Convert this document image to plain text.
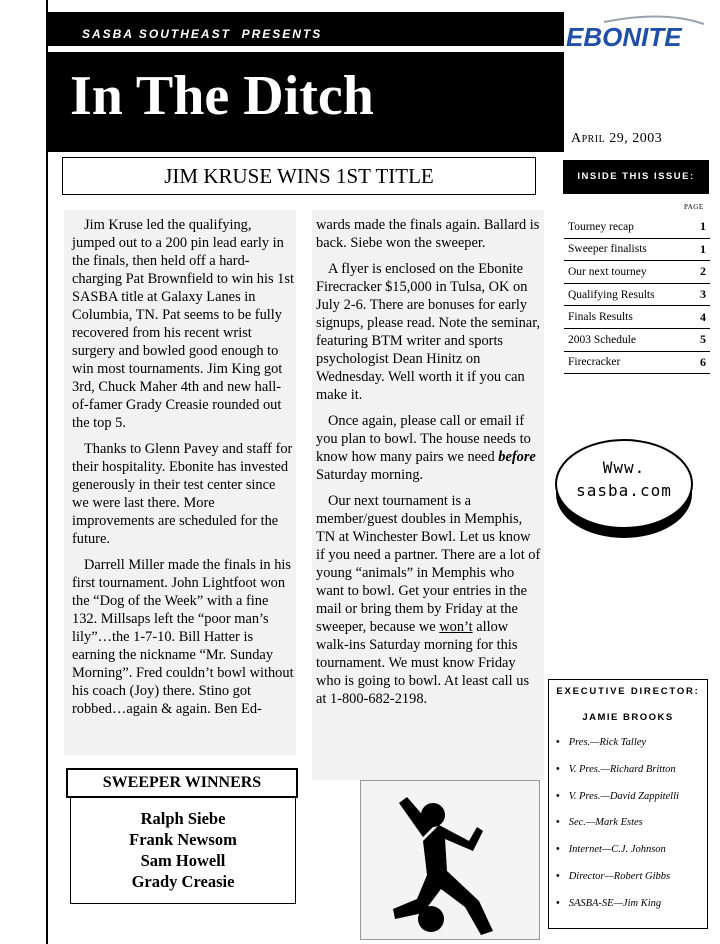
SASBA SOUTHEAST  PRESENTS	EBONITE
In The Ditch
APRIL 29, 2003
JIM KRUSE WINS 1ST TITLE	INSIDE THIS ISSUE:
PAGE
Tourney recap	1
Sweeper finalists	1
Our next tourney	2
Qualifying Results	3
Finals Results	4
2003 Schedule	5
Firecracker	6

Jim Kruse led the qualifying, jumped out to a 200 pin lead early in the finals, then held off a hard-charging Pat Brownfield to win his 1st SASBA title at Galaxy Lanes in Columbia, TN. Pat seems to be fully recovered from his recent wrist surgery and bowled good enough to win most tournaments. Jim King got 3rd, Chuck Maher 4th and new hall-of-famer Grady Creasie rounded out the top 5.

Thanks to Glenn Pavey and staff for their hospitality. Ebonite has invested generously in their test center since we were last there. More improvements are scheduled for the future.

Darrell Miller made the finals in his first tournament. John Lightfoot won the “Dog of the Week” with a fine 132. Millsaps left the “poor man’s lily”…the 1-7-10. Bill Hatter is earning the nickname “Mr. Sunday Morning”. Fred couldn’t bowl without his coach (Joy) there. Stino got robbed…again & again. Ben Ed-

wards made the finals again. Ballard is back. Siebe won the sweeper.

A flyer is enclosed on the Ebonite Firecracker $15,000 in Tulsa, OK on July 2-6. There are bonuses for early signups, please read. Note the seminar, featuring BTM writer and sports psychologist Dean Hinitz on Wednesday. Well worth it if you can make it.

Once again, please call or email if you plan to bowl. The house needs to know how many pairs we need before Saturday morning.

Our next tournament is a member/guest doubles in Memphis, TN at Winchester Bowl. Let us know if you need a partner. There are a lot of young “animals” in Memphis who want to bowl. Get your entries in the mail or bring them by Friday at the sweeper, because we won’t allow walk-ins Saturday morning for this tournament. We must know Friday who is going to bowl. At least call us at 1-800-682-2198.

Www.
sasba.com
SWEEPER WINNERS
Ralph Siebe
Frank Newsom
Sam Howell
Grady Creasie
EXECUTIVE DIRECTOR:
JAMIE BROOKS
• Pres.—Rick Talley
• V. Pres.—Richard Britton
• V. Pres.—David Zappitelli
• Sec.—Mark Estes
• Internet—C.J. Johnson
• Director—Robert Gibbs
• SASBA-SE—Jim King
